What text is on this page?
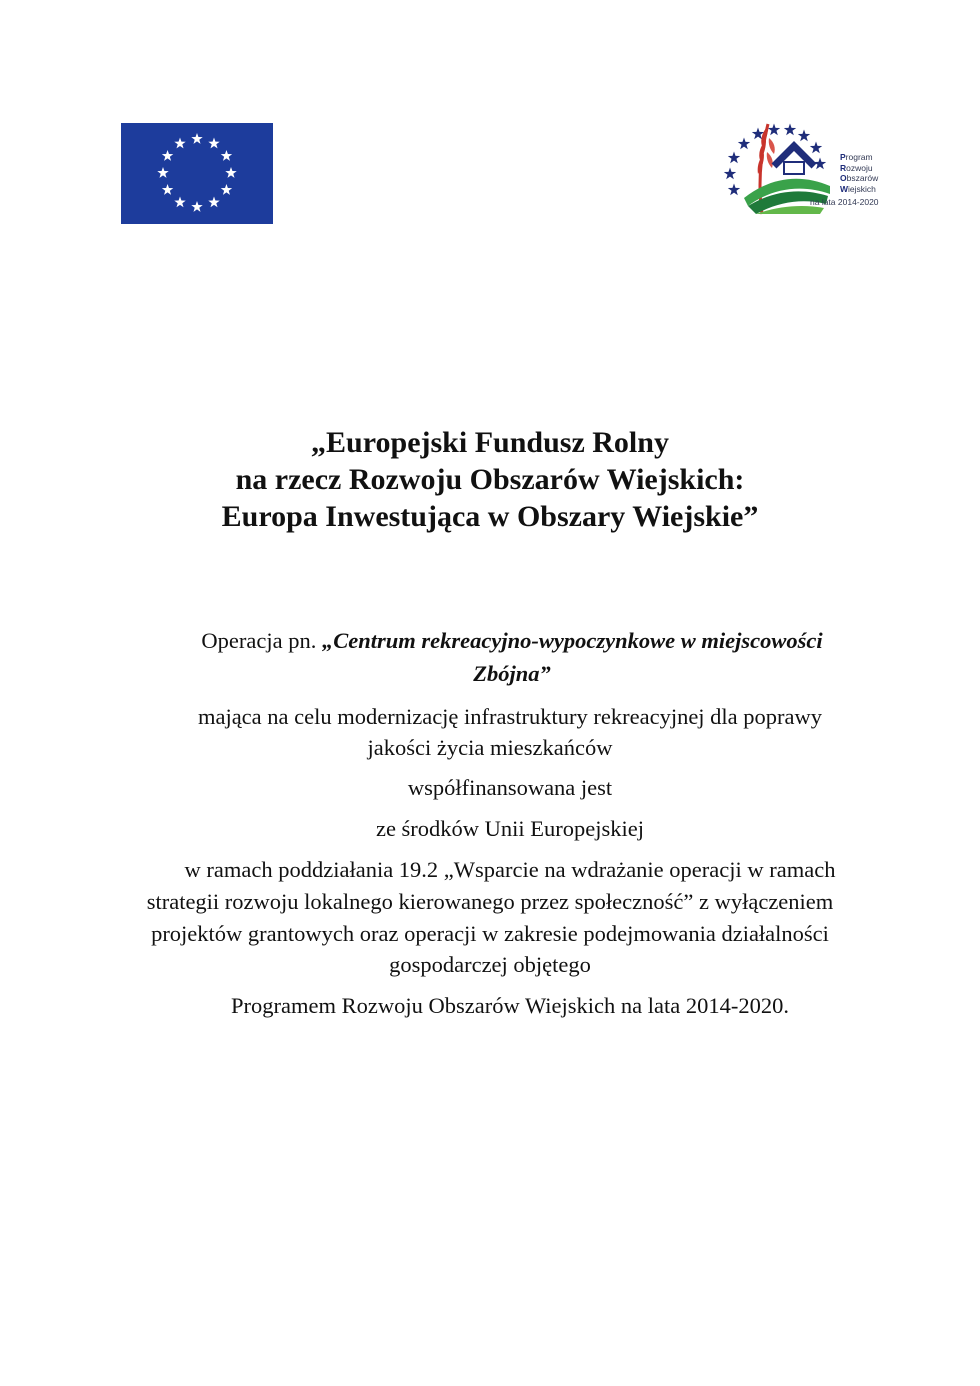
Program
Rozwoju
Obszarów
Wiejskich
na lata 2014-2020
„Europejski Fundusz Rolny
na rzecz Rozwoju Obszarów Wiejskich:
Europa Inwestująca w Obszary Wiejskie”
Operacja pn. „Centrum rekreacyjno-wypoczynkowe w miejscowości
Zbójna”
mająca na celu modernizację infrastruktury rekreacyjnej dla poprawy
jakości życia mieszkańców
współfinansowana jest
ze środków Unii Europejskiej
w ramach poddziałania 19.2 „Wsparcie na wdrażanie operacji w ramach
strategii rozwoju lokalnego kierowanego przez społeczność” z wyłączeniem
projektów grantowych oraz operacji w zakresie podejmowania działalności
gospodarczej objętego
Programem Rozwoju Obszarów Wiejskich na lata 2014-2020.
